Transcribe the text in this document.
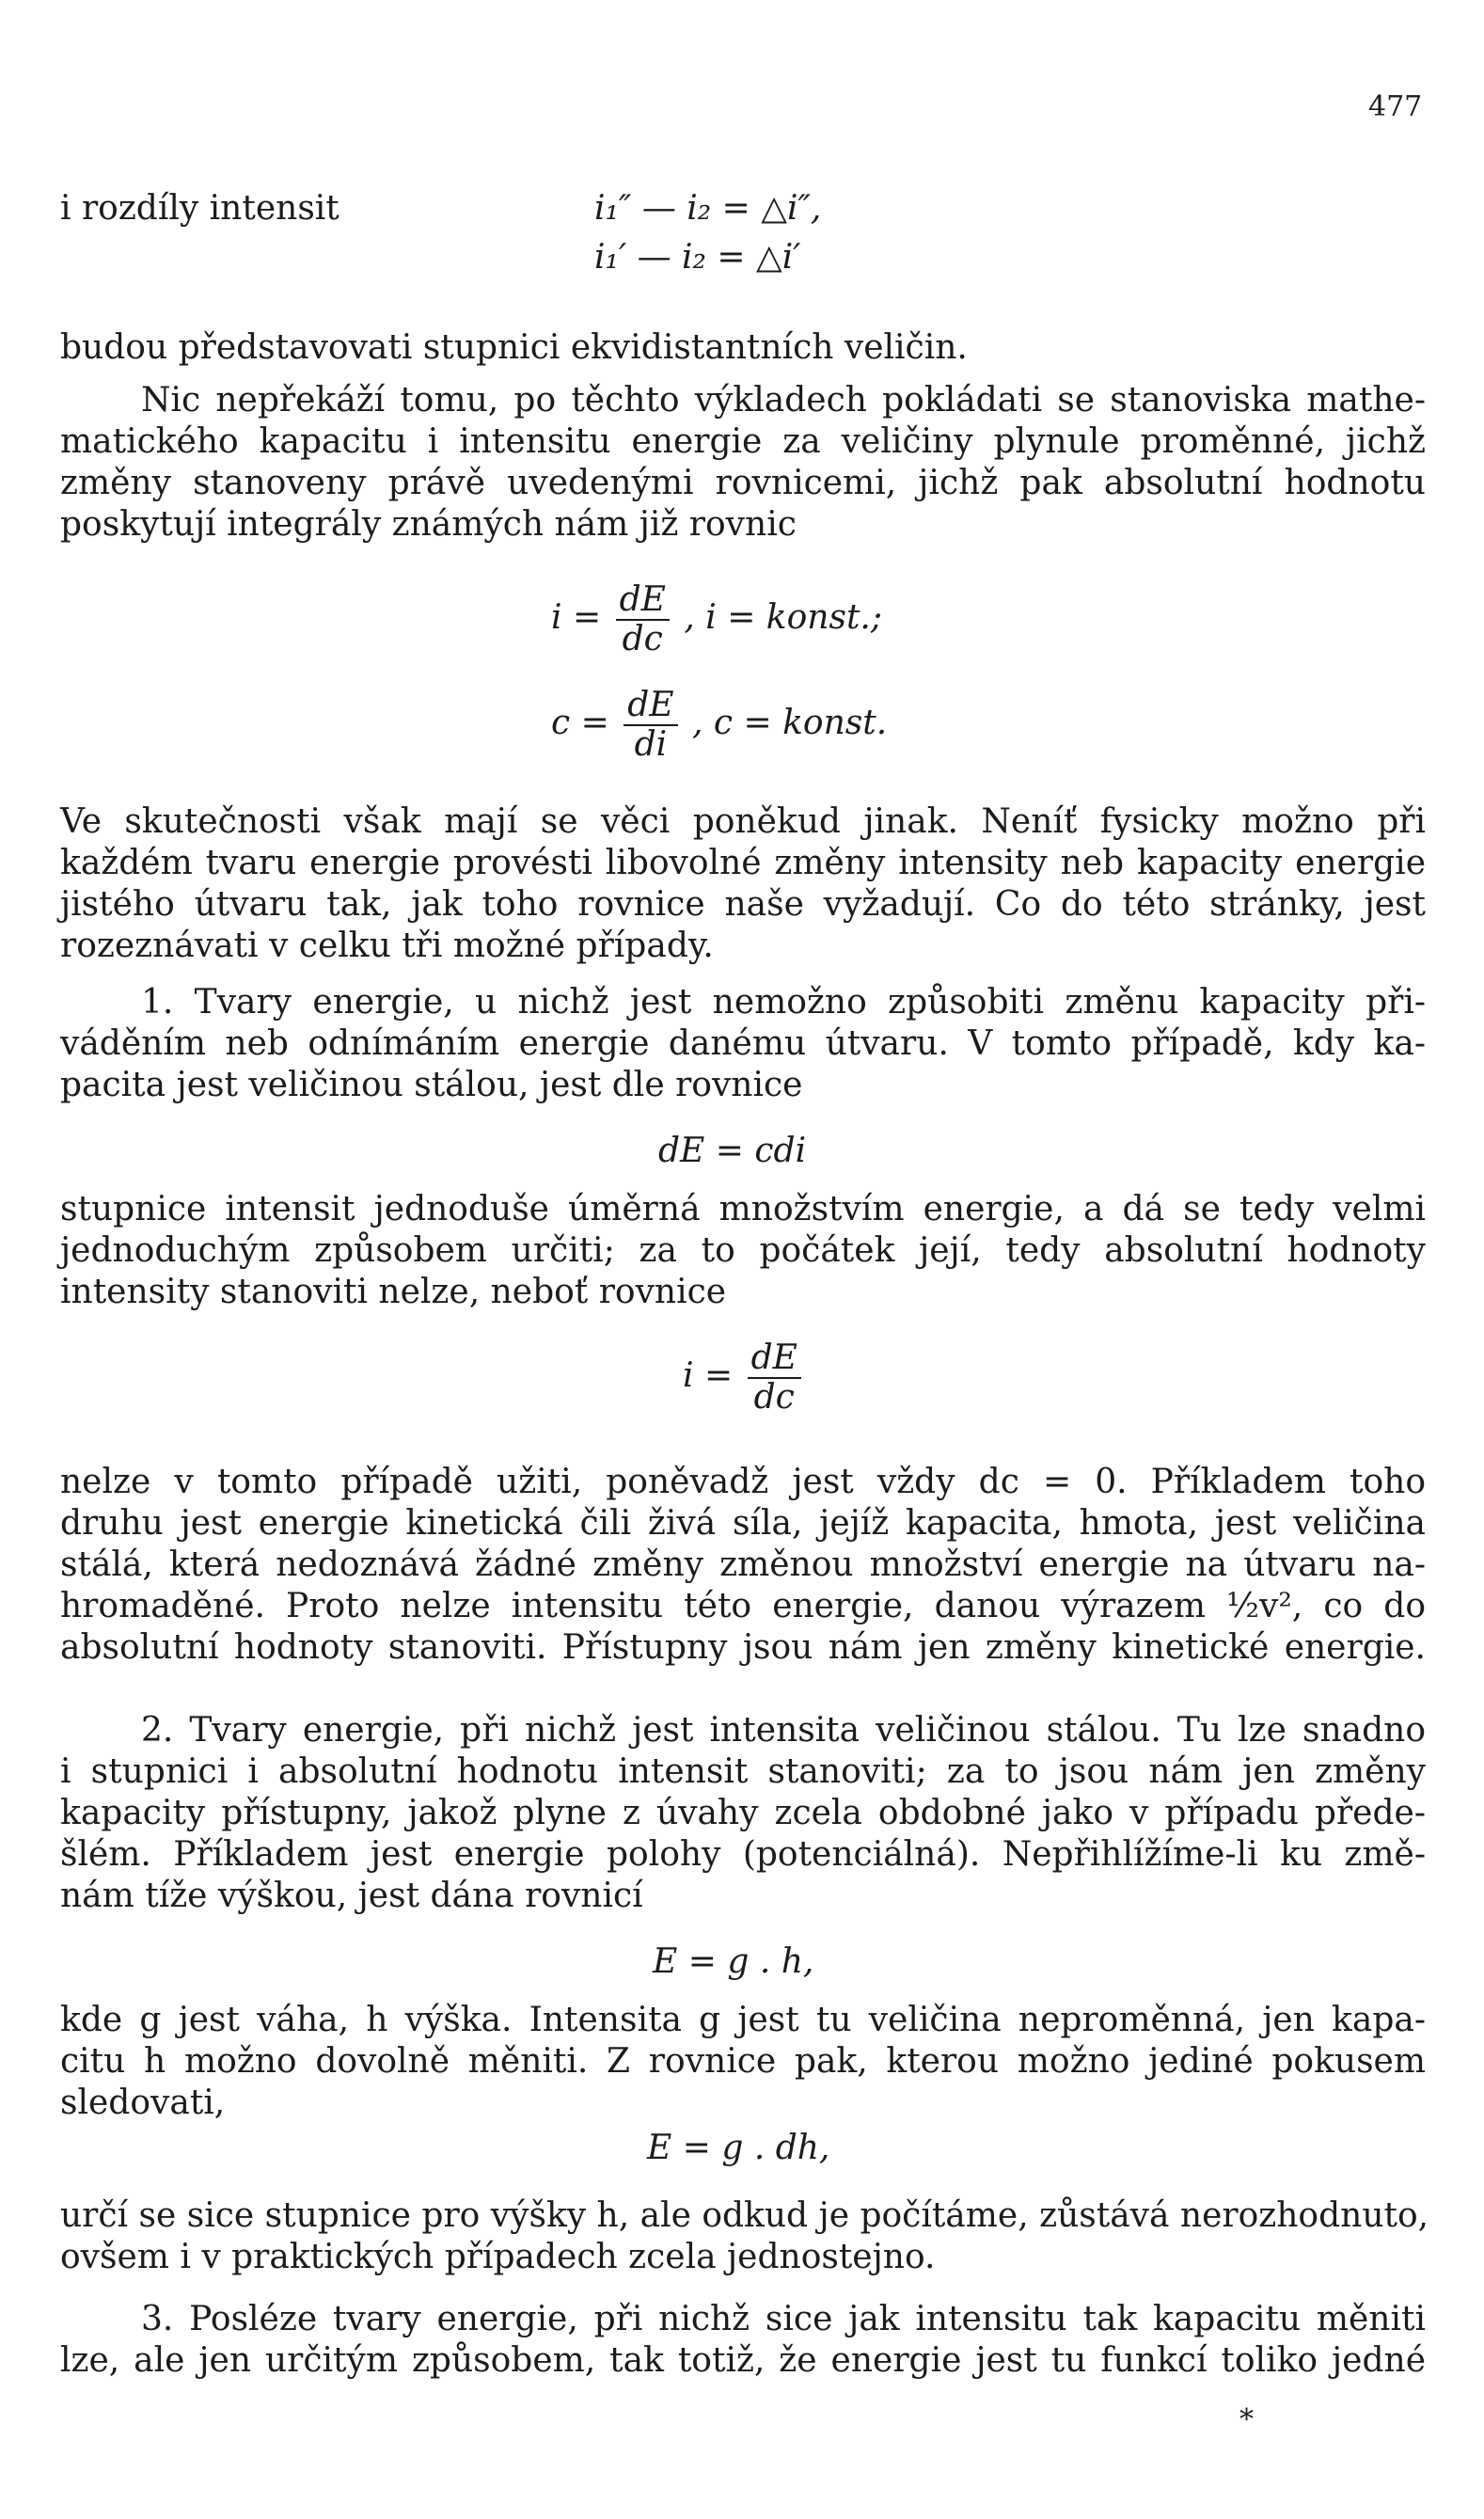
477
i rozdíly intensit	i₁″ — i₂ = △i″,
i₁′ — i₂ = △i′
budou představovati stupnici ekvidistantních veličin.
Nic nepřekáží tomu, po těchto výkladech pokládati se stanoviska mathe-
matického kapacitu i intensitu energie za veličiny plynule proměnné, jichž
změny stanoveny právě uvedenými rovnicemi, jichž pak absolutní hodnotu
poskytují integrály známých nám již rovnic
$i = \frac{dE}{dc}$ , i = konst.;
$c = \frac{dE}{di}$ , c = konst.
Ve skutečnosti však mají se věci poněkud jinak. Neníť fysicky možno při
každém tvaru energie provésti libovolné změny intensity neb kapacity energie
jistého útvaru tak, jak toho rovnice naše vyžadují. Co do této stránky, jest
rozeznávati v celku tři možné případy.
1. Tvary energie, u nichž jest nemožno způsobiti změnu kapacity při-
váděním neb odnímáním energie danému útvaru. V tomto případě, kdy ka-
pacita jest veličinou stálou, jest dle rovnice
dE = cdi
stupnice intensit jednoduše úměrná množstvím energie, a dá se tedy velmi
jednoduchým způsobem určiti; za to počátek její, tedy absolutní hodnoty
intensity stanoviti nelze, neboť rovnice
$i = \frac{dE}{dc}$
nelze v tomto případě užiti, poněvadž jest vždy dc = 0. Příkladem toho
druhu jest energie kinetická čili živá síla, jejíž kapacita, hmota, jest veličina
stálá, která nedoznává žádné změny změnou množství energie na útvaru na-
hromaděné. Proto nelze intensitu této energie, danou výrazem ½v², co do
absolutní hodnoty stanoviti. Přístupny jsou nám jen změny kinetické energie.
2. Tvary energie, při nichž jest intensita veličinou stálou. Tu lze snadno
i stupnici i absolutní hodnotu intensit stanoviti; za to jsou nám jen změny
kapacity přístupny, jakož plyne z úvahy zcela obdobné jako v případu přede-
šlém. Příkladem jest energie polohy (potenciálná). Nepřihlížíme-li ku změ-
nám tíže výškou, jest dána rovnicí
E = g . h,
kde g jest váha, h výška. Intensita g jest tu veličina neproměnná, jen kapa-
citu h možno dovolně měniti. Z rovnice pak, kterou možno jediné pokusem
sledovati,
E = g . dh,
určí se sice stupnice pro výšky h, ale odkud je počítáme, zůstává nerozhodnuto,
ovšem i v praktických případech zcela jednostejno.
3. Posléze tvary energie, při nichž sice jak intensitu tak kapacitu měniti
lze, ale jen určitým způsobem, tak totiž, že energie jest tu funkcí toliko jedné
*
